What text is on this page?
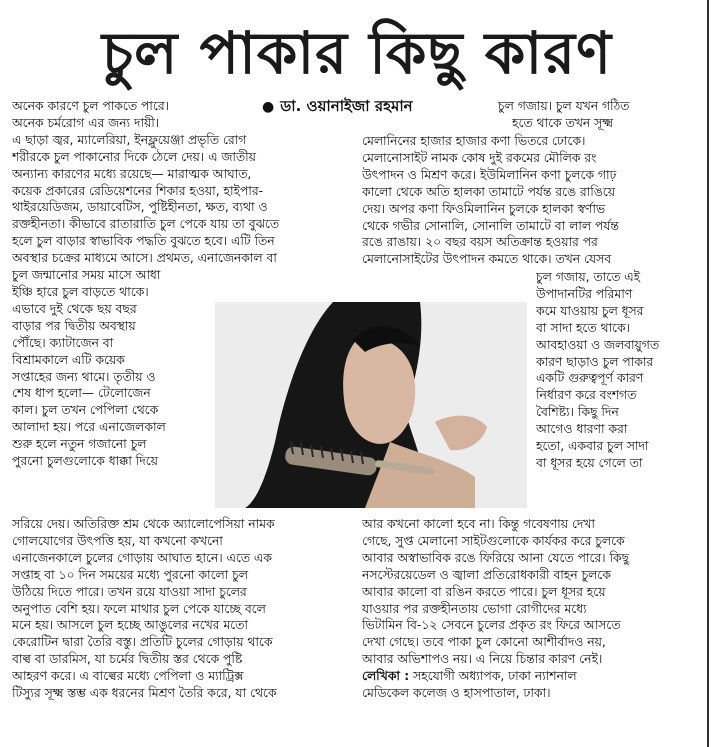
চুল পাকার কিছু কারণ
● ডা. ওয়ানাইজা রহমান

অনেক কারণে চুল পাকতে পারে।

অনেক চর্মরোগ এর জন্য দায়ী।

এ ছাড়া জ্বর, ম্যালেরিয়া, ইনফ্লুয়েঞ্জা প্রভৃতি রোগ

শরীরকে চুল পাকানোর দিকে ঠেলে দেয়। এ জাতীয়

অন্যান্য কারণের মধ্যে রয়েছে— মারাত্মক আঘাত,

কয়েক প্রকারের রেডিয়েশনের শিকার হওয়া, হাইপার-

থাইরয়েডিজম, ডায়াবেটিস, পুষ্টিহীনতা, ক্ষত, ব্যথা ও

রক্তহীনতা। কীভাবে রাতারাতি চুল পেকে যায় তা বুঝতে

হলে চুল বাড়ার স্বাভাবিক পদ্ধতি বুঝতে হবে। এটি তিন

অবস্থার চক্রের মাধ্যমে আসে। প্রথমত, এনাজেনকাল বা

চুল জন্মানোর সময় মাসে আধা

ইঞ্চি হারে চুল বাড়তে থাকে।

এভাবে দুই থেকে ছয় বছর

বাড়ার পর দ্বিতীয় অবস্থায়

পৌঁছে। ক্যাটাজেন বা

বিশ্রামকালে এটি কয়েক

সপ্তাহের জন্য থামে। তৃতীয় ও

শেষ ধাপ হলো— টেলোজেন

কাল। চুল তখন পেপিলা থেকে

আলাদা হয়। পরে এনাজেলকাল

শুরু হলে নতুন গজানো চুল

পুরনো চুলগুলোকে ধাক্কা দিয়ে

সরিয়ে দেয়। অতিরিক্ত শ্রম থেকে অ্যালোপেসিয়া নামক

গোলযোগের উৎপত্তি হয়, যা কখনো কখনো

এনাজেনকালে চুলের গোড়ায় আঘাত হানে। এতে এক

সপ্তাহ বা ১০ দিন সময়ের মধ্যে পুরনো কালো চুল

উঠিয়ে দিতে পারে। তখন রয়ে যাওয়া সাদা চুলের

অনুপাত বেশি হয়। ফলে মাথার চুল পেকে যাচ্ছে বলে

মনে হয়। আসলে চুল হচ্ছে আঙুলের নখের মতো

কেরোটিন দ্বারা তৈরি বস্তু। প্রতিটি চুলের গোড়ায় থাকে

বাল্ব বা ডারমিস, যা চর্মের দ্বিতীয় স্তর থেকে পুষ্টি

আহরণ করে। এ বাল্বের মধ্যে পেপিলা ও ম্যাট্রিক্স

টিস্যুর সূক্ষ্ম স্তম্ভ এক ধরনের মিশ্রণ তৈরি করে, যা থেকে

চুল গজায়। চুল যখন গঠিত

হতে থাকে তখন সূক্ষ্ম

মেলানিনের হাজার হাজার কণা ভিতরে ঢোকে।

মেলানোসাইট নামক কোষ দুই রকমের মৌলিক রং

উৎপাদন ও মিশ্রণ করে। ইউমিলানিন কণা চুলকে গাঢ়

কালো থেকে অতি হালকা তামাটে পর্যন্ত রঙে রাঙিয়ে

দেয়। অপর কণা ফিওমিলানিন চুলকে হালকা স্বর্ণাভ

থেকে গভীর সোনালি, সোনালি তামাটে বা লাল পর্যন্ত

রঙে রাঙায়। ২০ বছর বয়স অতিক্রান্ত হওয়ার পর

মেলানোসাইটের উৎপাদন কমতে থাকে। তখন যেসব

চুল গজায়, তাতে এই

উপাদানটির পরিমাণ

কমে যাওয়ায় চুল ধূসর

বা সাদা হতে থাকে।

আবহাওয়া ও জলবায়ুগত

কারণ ছাড়াও চুল পাকার

একটি গুরুত্বপূর্ণ কারণ

নির্ধারণ করে বংশগত

বৈশিষ্ট্য। কিছু দিন

আগেও ধারণা করা

হতো, একবার চুল সাদা

বা ধূসর হয়ে গেলে তা

আর কখনো কালো হবে না। কিন্তু গবেষণায় দেখা

গেছে, সুপ্ত মেলানো সাইটগুলোকে কার্যকর করে চুলকে

আবার অস্বাভাবিক রঙে ফিরিয়ে আনা যেতে পারে। কিছু

নসস্টেরয়েডেল ও জ্বালা প্রতিরোধকারী বাহন চুলকে

আবার কালো বা রঙিন করতে পারে। চুল ধূসর হয়ে

যাওয়ার পর রক্তহীনতায় ভোগা রোগীদের মধ্যে

ভিটামিন বি-১২ সেবনে চুলের প্রকৃত রং ফিরে আসতে

দেখা গেছে। তবে পাকা চুল কোনো আশীর্বাদও নয়,

আবার অভিশাপও নয়। এ নিয়ে চিন্তার কারণ নেই।

লেখিকা : সহযোগী অধ্যাপক, ঢাকা ন্যাশনাল

মেডিকেল কলেজ ও হাসপাতাল, ঢাকা।
